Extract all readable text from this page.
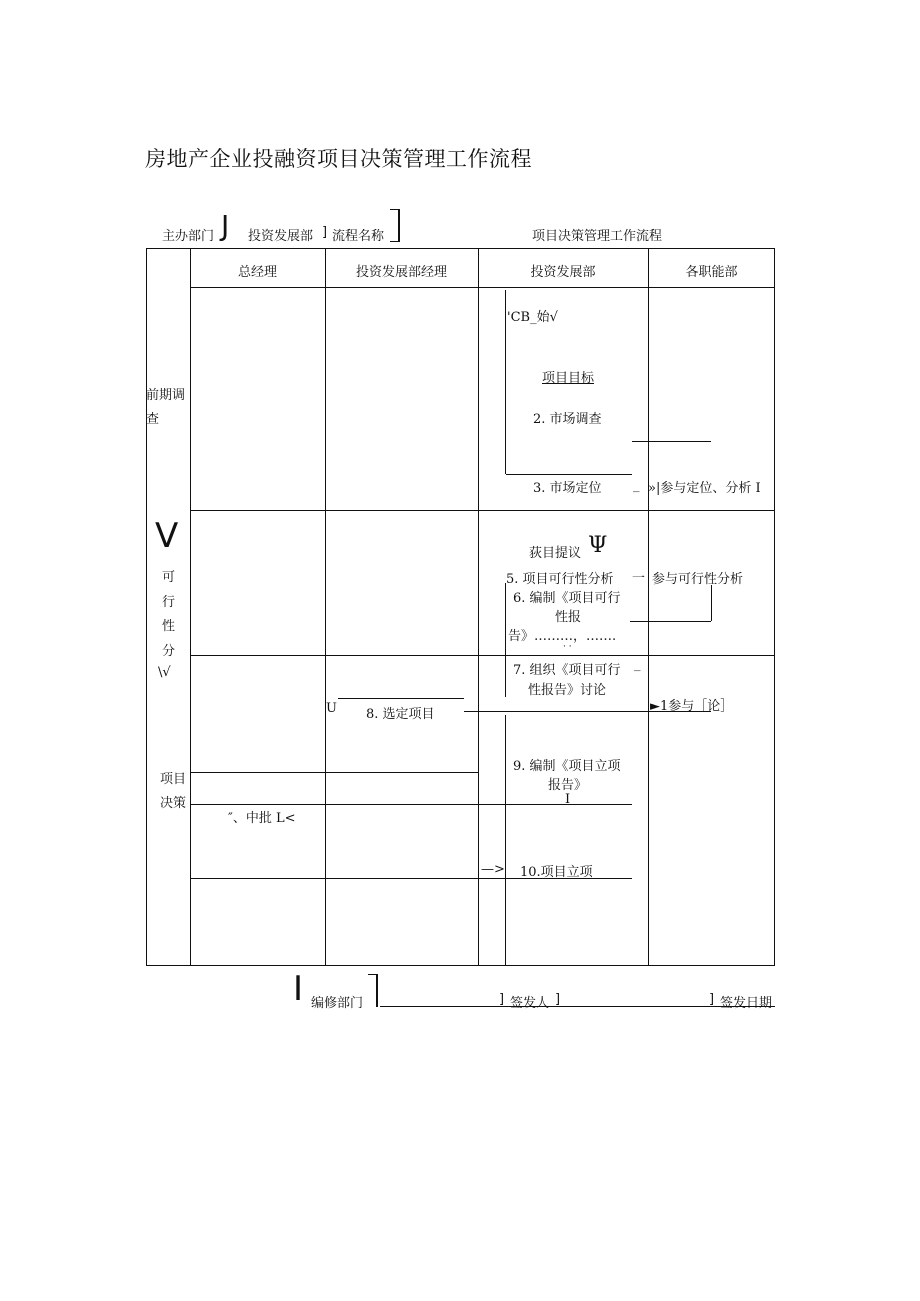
房地产企业投融资项目决策管理工作流程
主办部门 J 投资发展部 ] 流程名称	项目决策管理工作流程
总经理	投资发展部经理	投资发展部	各职能部
前期调
查
V
可
行
性
分
\√
项目
决策
'CB_始√
项目目标
2. 市场调查
3. 市场定位 _ »|参与定位、分析 I
荻目提议 Ψ
5. 项目可行性分析 一 参与可行性分析
6. 编制《项目可行
性报
告》………，…….
· ·
7. 组织《项目可行
性报告》讨论
_
►1参与［论］
U 8. 选定项目
9. 编制《项目立项
报告》
I
″、中批 L<
—> 10.项目立项
I 编修部门	] 签发人 ]	] 签发日期
